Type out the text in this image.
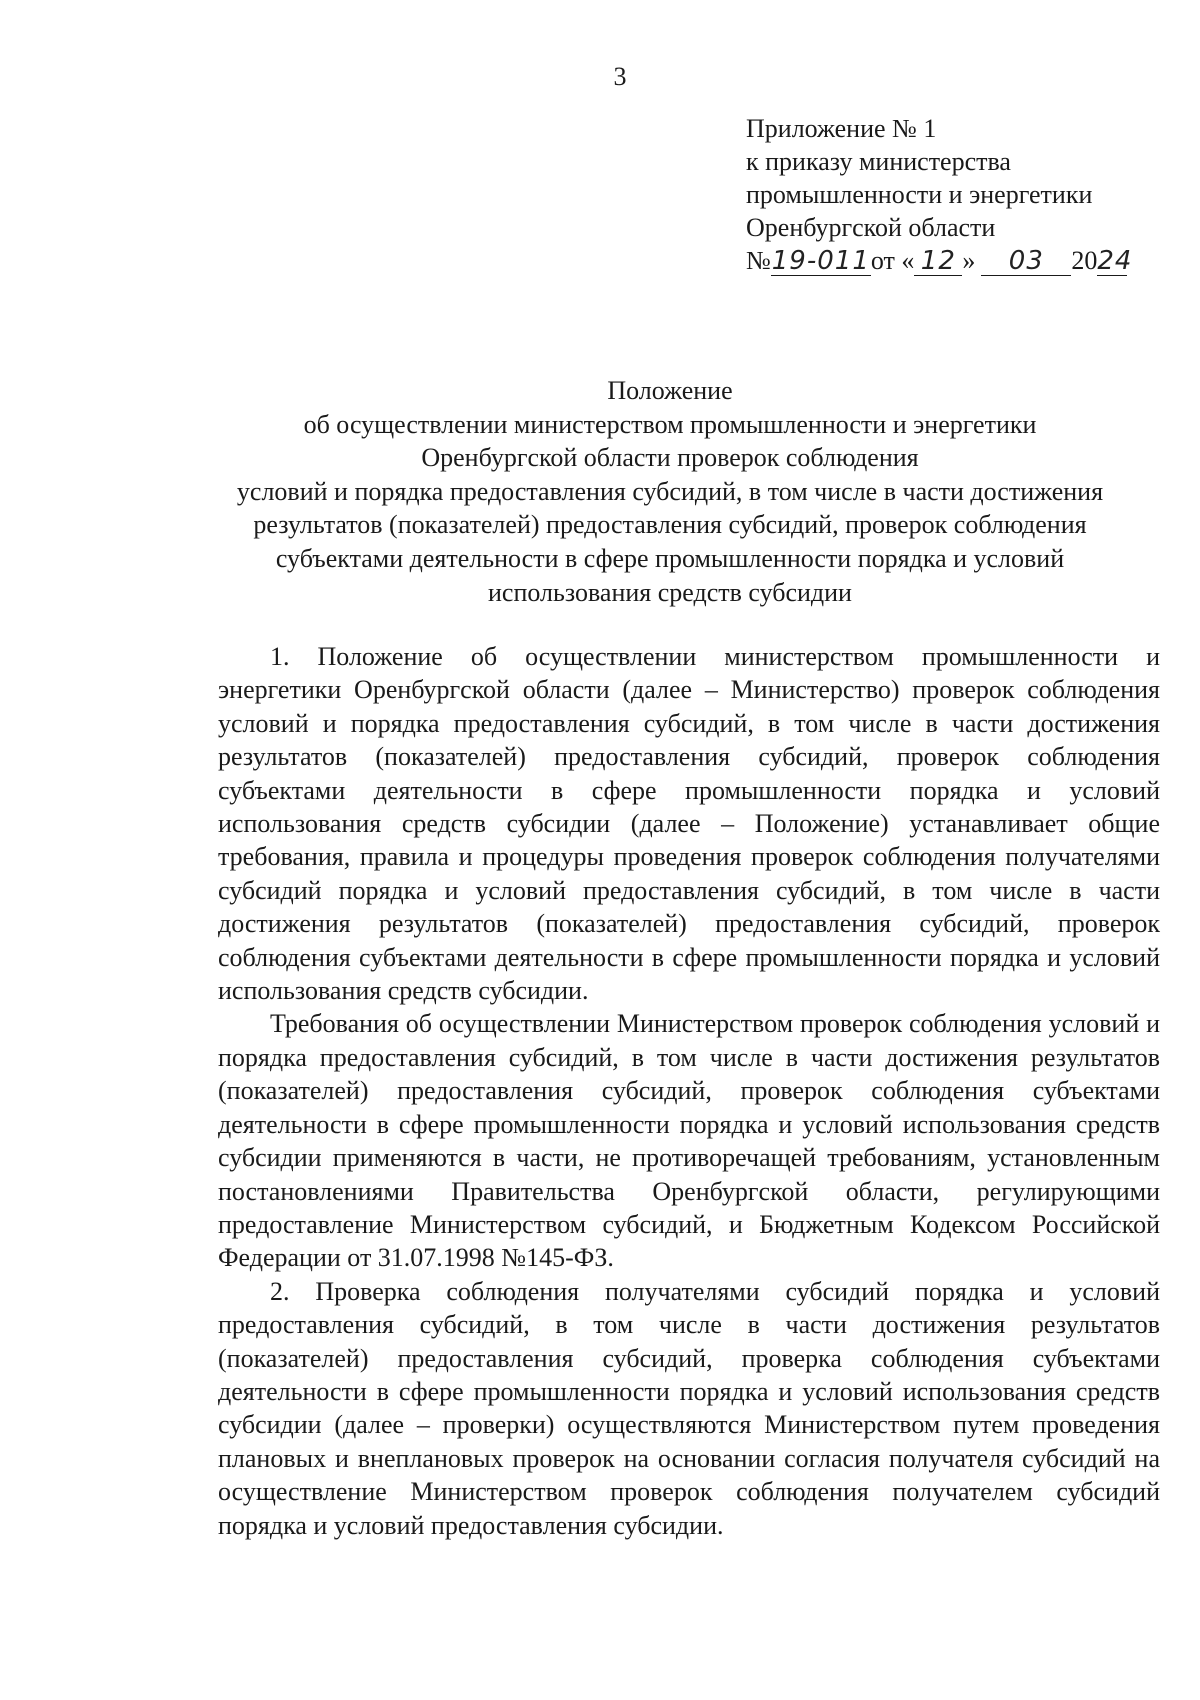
3
Приложение № 1
к приказу министерства
промышленности и энергетики
Оренбургской области
№19-011от « 12 » 03 2024
Положение
об осуществлении министерством промышленности и энергетики
Оренбургской области проверок соблюдения
условий и порядка предоставления субсидий, в том числе в части достижения
результатов (показателей) предоставления субсидий, проверок соблюдения
субъектами деятельности в сфере промышленности порядка и условий
использования средств субсидии

1. Положение об осуществлении министерством промышленности и энергетики Оренбургской области (далее – Министерство) проверок соблюдения условий и порядка предоставления субсидий, в том числе в части достижения результатов (показателей) предоставления субсидий, проверок соблюдения субъектами деятельности в сфере промышленности порядка и условий использования средств субсидии (далее – Положение) устанавливает общие требования, правила и процедуры проведения проверок соблюдения получателями субсидий порядка и условий предоставления субсидий, в том числе в части достижения результатов (показателей) предоставления субсидий, проверок соблюдения субъектами деятельности в сфере промышленности порядка и условий использования средств субсидии.

Требования об осуществлении Министерством проверок соблюдения условий и порядка предоставления субсидий, в том числе в части достижения результатов (показателей) предоставления субсидий, проверок соблюдения субъектами деятельности в сфере промышленности порядка и условий использования средств субсидии применяются в части, не противоречащей требованиям, установленным постановлениями Правительства Оренбургской области, регулирующими предоставление Министерством субсидий, и Бюджетным Кодексом Российской Федерации от 31.07.1998 №145-ФЗ.

2. Проверка соблюдения получателями субсидий порядка и условий предоставления субсидий, в том числе в части достижения результатов (показателей) предоставления субсидий, проверка соблюдения субъектами деятельности в сфере промышленности порядка и условий использования средств субсидии (далее – проверки) осуществляются Министерством путем проведения плановых и внеплановых проверок на основании согласия получателя субсидий на осуществление Министерством проверок соблюдения получателем субсидий порядка и условий предоставления субсидии.
